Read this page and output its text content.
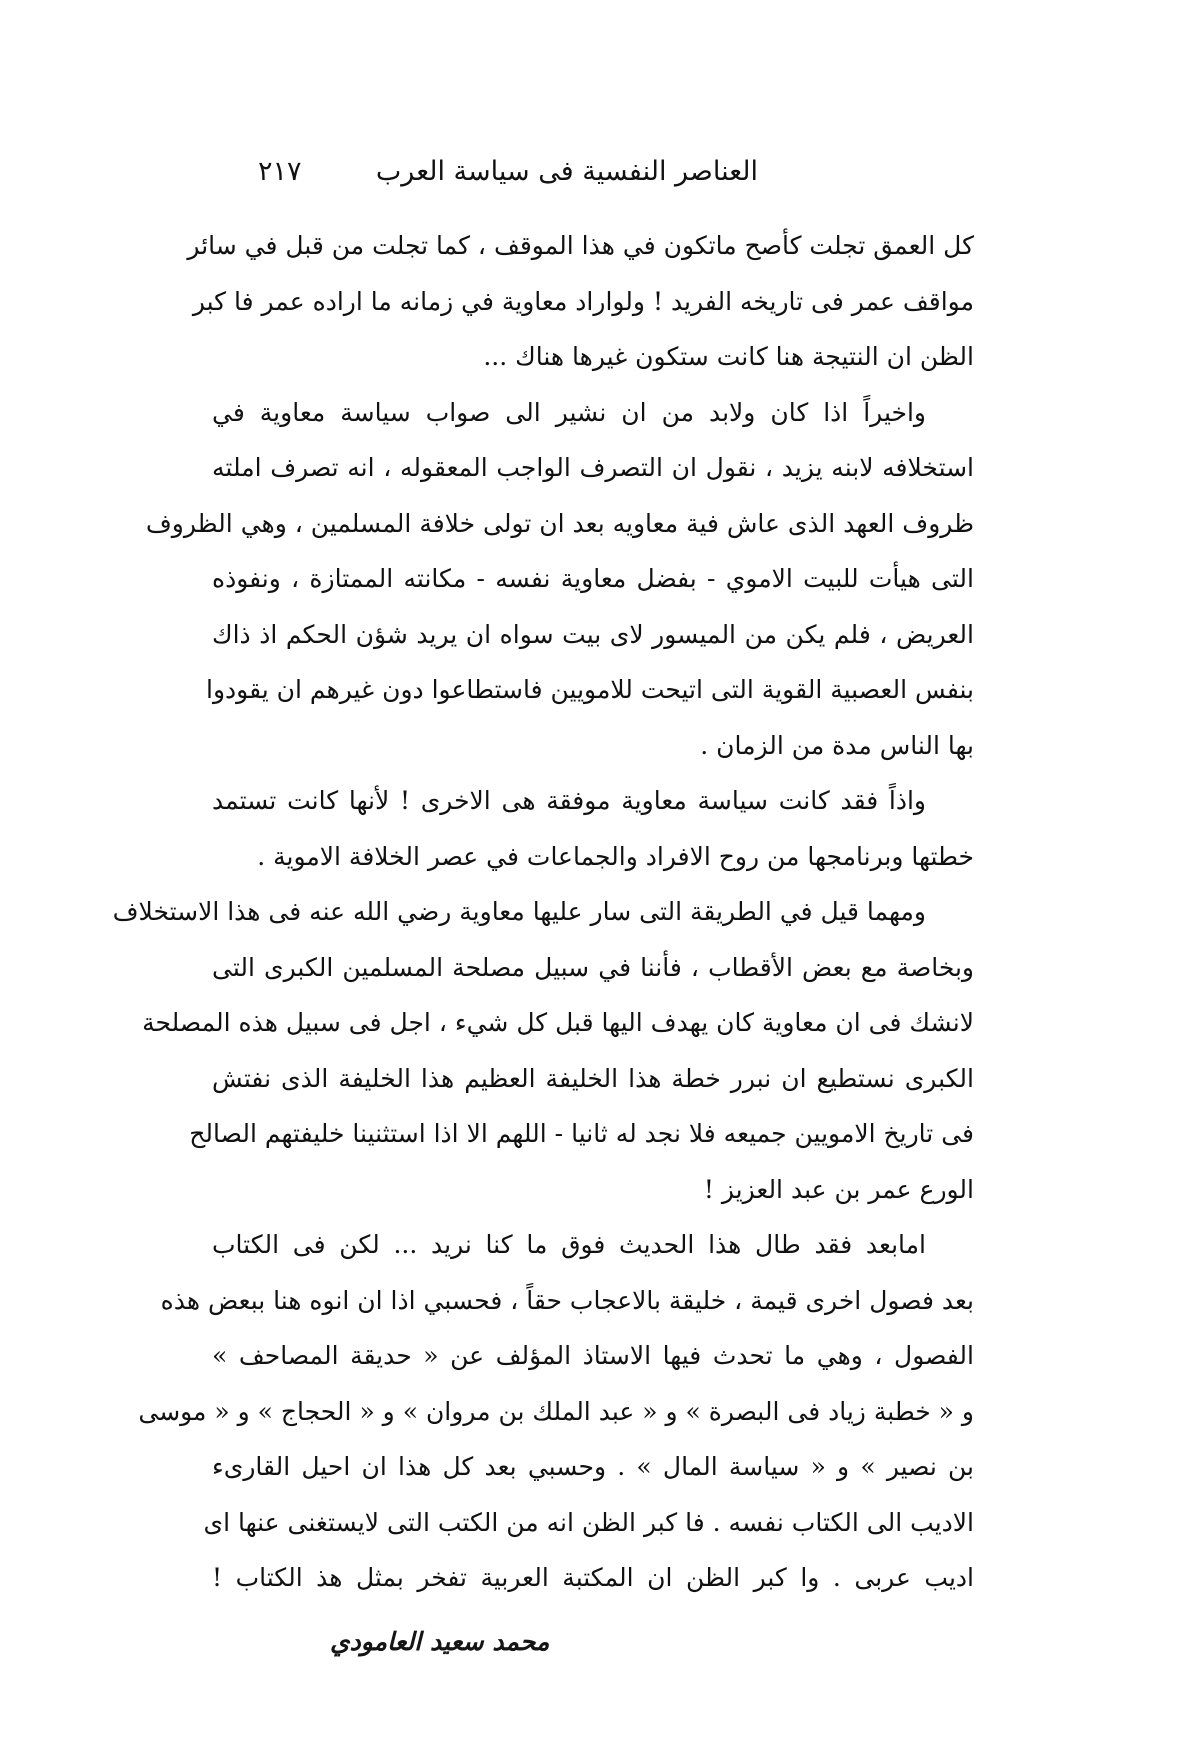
العناصر النفسية فى سياسة العرب
٢١٧
كل العمق تجلت كأصح ماتكون في هذا الموقف ، كما تجلت من قبل في سائر
مواقف عمر فى تاريخه الفريد ! ولواراد معاوية في زمانه ما اراده عمر فا كبر
الظن ان النتيجة هنا كانت ستكون غيرها هناك ...
واخيراً اذا كان ولابد من ان نشير الى صواب سياسة معاوية في
استخلافه لابنه يزيد ، نقول ان التصرف الواجب المعقوله ، انه تصرف املته
ظروف العهد الذى عاش فية معاويه بعد ان تولى خلافة المسلمين ، وهي الظروف
التى هيأت للبيت الاموي - بفضل معاوية نفسه - مكانته الممتازة ، ونفوذه
العريض ، فلم يكن من الميسور لاى بيت سواه ان يريد شؤن الحكم اذ ذاك
بنفس العصبية القوية التى اتيحت للامويين فاستطاعوا دون غيرهم ان يقودوا
بها الناس مدة من الزمان .
واذاً فقد كانت سياسة معاوية موفقة هى الاخرى ! لأنها كانت تستمد
خطتها وبرنامجها من روح الافراد والجماعات في عصر الخلافة الاموية .
ومهما قيل في الطريقة التى سار عليها معاوية رضي الله عنه فى هذا الاستخلاف
وبخاصة مع بعض الأقطاب ، فأننا في سبيل مصلحة المسلمين الكبرى التى
لانشك فى ان معاوية كان يهدف اليها قبل كل شيء ، اجل فى سبيل هذه المصلحة
الكبرى نستطيع ان نبرر خطة هذا الخليفة العظيم هذا الخليفة الذى نفتش
فى تاريخ الامويين جميعه فلا نجد له ثانيا - اللهم الا اذا استثنينا خليفتهم الصالح
الورع عمر بن عبد العزيز !
امابعد فقد طال هذا الحديث فوق ما كنا نريد ... لكن فى الكتاب
بعد فصول اخرى قيمة ، خليقة بالاعجاب حقاً ، فحسبي اذا ان انوه هنا ببعض هذه
الفصول ، وهي ما تحدث فيها الاستاذ المؤلف عن « حديقة المصاحف »
و « خطبة زياد فى البصرة » و « عبد الملك بن مروان » و « الحجاج » و « موسى
بن نصير » و « سياسة المال » . وحسبي بعد كل هذا ان احيل القارىء
الاديب الى الكتاب نفسه . فا كبر الظن انه من الكتب التى لايستغنى عنها اى
اديب عربى . وا كبر الظن ان المكتبة العربية تفخر بمثل هذ الكتاب !
محمد سعيد العامودي
